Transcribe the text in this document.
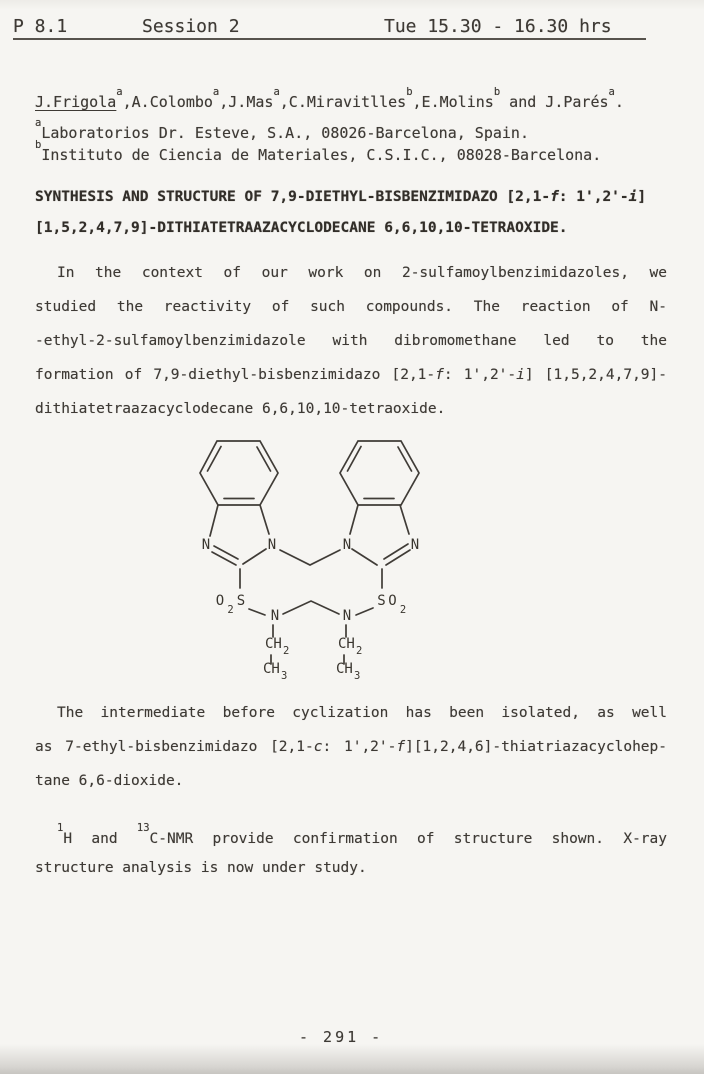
P 8.1	Session 2	Tue 15.30 - 16.30 hrs
J.Frigola$^a$,A.Colombo$^a$,J.Mas$^a$,C.Miravitlles$^b$,E.Molins$^b$ and J.Parés$^a$.
$^a$Laboratorios Dr. Esteve, S.A., 08026-Barcelona, Spain.
$^b$Instituto de Ciencia de Materiales, C.S.I.C., 08028-Barcelona.
SYNTHESIS AND STRUCTURE OF 7,9-DIETHYL-BISBENZIMIDAZO [2,1-f: 1',2'-i]
[1,5,2,4,7,9]-DITHIATETRAAZACYCLODECANE 6,6,10,10-TETRAOXIDE.
In the context of our work on 2-sulfamoylbenzimidazoles, we
studied the reactivity of such compounds. The reaction of N-
-ethyl-2-sulfamoylbenzimidazole with dibromomethane led to the
formation of 7,9-diethyl-bisbenzimidazo [2,1-f: 1',2'-i] [1,5,2,4,7,9]-
dithiatetraazacyclodecane 6,6,10,10-tetraoxide.
N	N	N	N
O
2
S	S O
2
N	N
CH 2
CH 3
CH 2
CH 3
The intermediate before cyclization has been isolated, as well
as 7-ethyl-bisbenzimidazo [2,1-c: 1',2'-f][1,2,4,6]-thiatriazacyclohep-
tane 6,6-dioxide.
$^1$H and $^{13}$C-NMR provide confirmation of structure shown. X-ray
structure analysis is now under study.
- 291 -
